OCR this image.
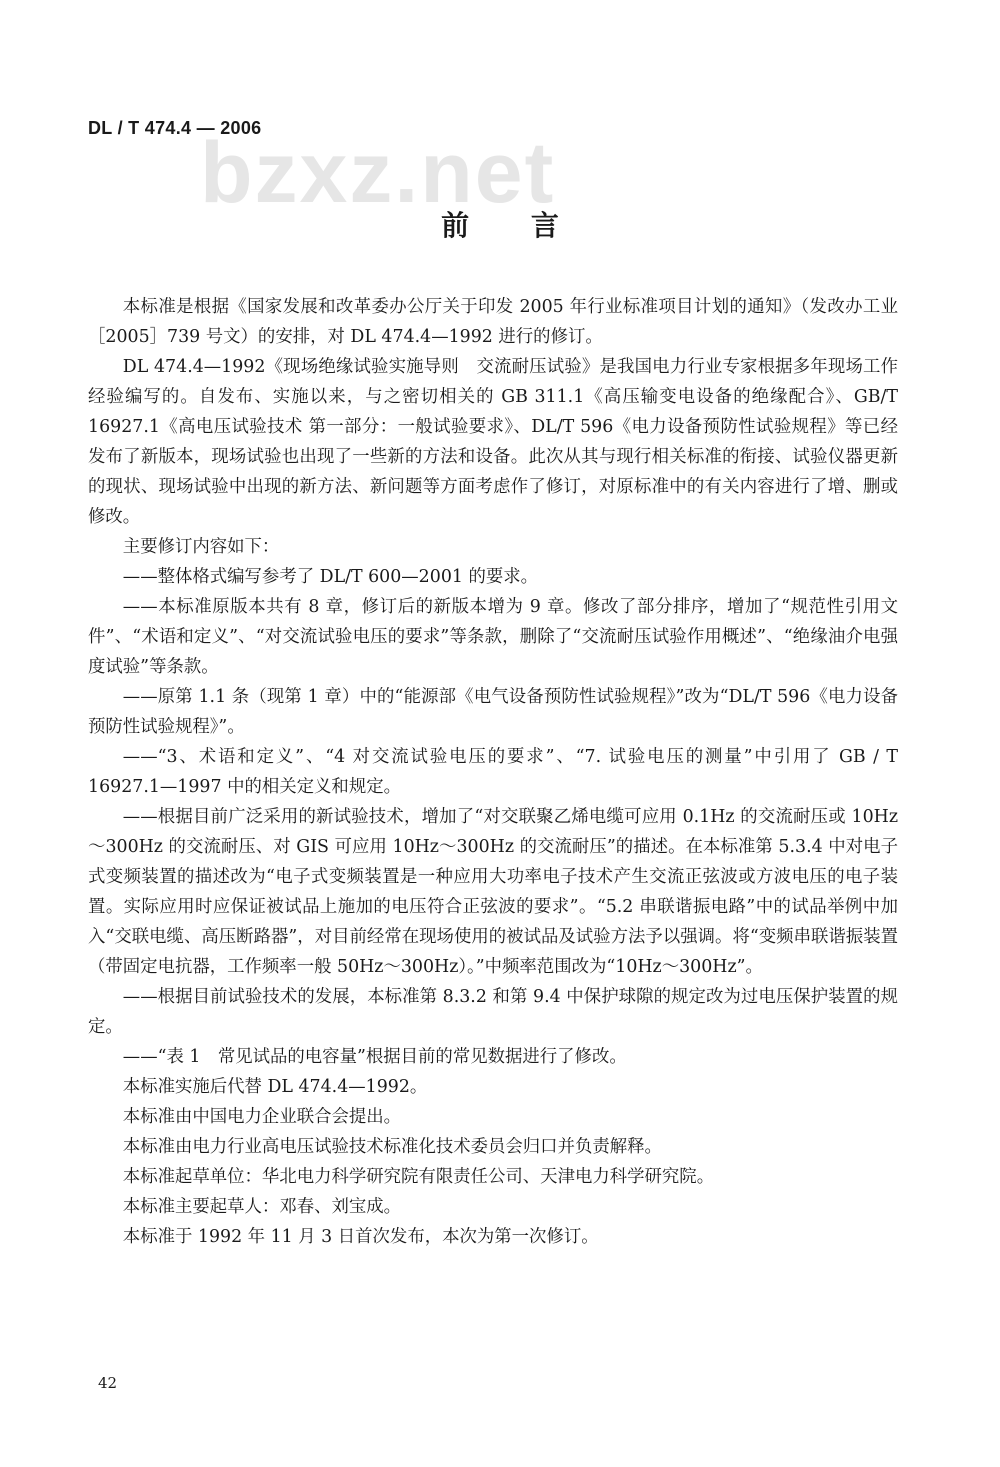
DL / T 474.4 — 2006
bzxz.net
前 言

本标准是根据《国家发展和改革委办公厅关于印发 2005 年行业标准项目计划的通知》（发改办工业［2005］739 号文）的安排，对 DL 474.4—1992 进行的修订。

DL 474.4—1992《现场绝缘试验实施导则　交流耐压试验》是我国电力行业专家根据多年现场工作经验编写的。自发布、实施以来，与之密切相关的 GB 311.1《高压输变电设备的绝缘配合》、GB/T 16927.1《高电压试验技术 第一部分：一般试验要求》、DL/T 596《电力设备预防性试验规程》等已经发布了新版本，现场试验也出现了一些新的方法和设备。此次从其与现行相关标准的衔接、试验仪器更新的现状、现场试验中出现的新方法、新问题等方面考虑作了修订，对原标准中的有关内容进行了增、删或修改。

主要修订内容如下：

——整体格式编写参考了 DL/T 600—2001 的要求。

——本标准原版本共有 8 章，修订后的新版本增为 9 章。修改了部分排序，增加了“规范性引用文件”、“术语和定义”、“对交流试验电压的要求”等条款，删除了“交流耐压试验作用概述”、“绝缘油介电强度试验”等条款。

——原第 1.1 条（现第 1 章）中的“能源部《电气设备预防性试验规程》”改为“DL/T 596《电力设备预防性试验规程》”。

——“3、术语和定义”、“4 对交流试验电压的要求”、“7. 试验电压的测量”中引用了 GB / T 16927.1—1997 中的相关定义和规定。

——根据目前广泛采用的新试验技术，增加了“对交联聚乙烯电缆可应用 0.1Hz 的交流耐压或 10Hz～300Hz 的交流耐压、对 GIS 可应用 10Hz～300Hz 的交流耐压”的描述。在本标准第 5.3.4 中对电子式变频装置的描述改为“电子式变频装置是一种应用大功率电子技术产生交流正弦波或方波电压的电子装置。实际应用时应保证被试品上施加的电压符合正弦波的要求”。“5.2 串联谐振电路”中的试品举例中加入“交联电缆、高压断路器”，对目前经常在现场使用的被试品及试验方法予以强调。将“变频串联谐振装置（带固定电抗器，工作频率一般 50Hz～300Hz）。”中频率范围改为“10Hz～300Hz”。

——根据目前试验技术的发展，本标准第 8.3.2 和第 9.4 中保护球隙的规定改为过电压保护装置的规定。

——“表 1　常见试品的电容量”根据目前的常见数据进行了修改。

本标准实施后代替 DL 474.4—1992。

本标准由中国电力企业联合会提出。

本标准由电力行业高电压试验技术标准化技术委员会归口并负责解释。

本标准起草单位：华北电力科学研究院有限责任公司、天津电力科学研究院。

本标准主要起草人：邓春、刘宝成。

本标准于 1992 年 11 月 3 日首次发布，本次为第一次修订。

42
